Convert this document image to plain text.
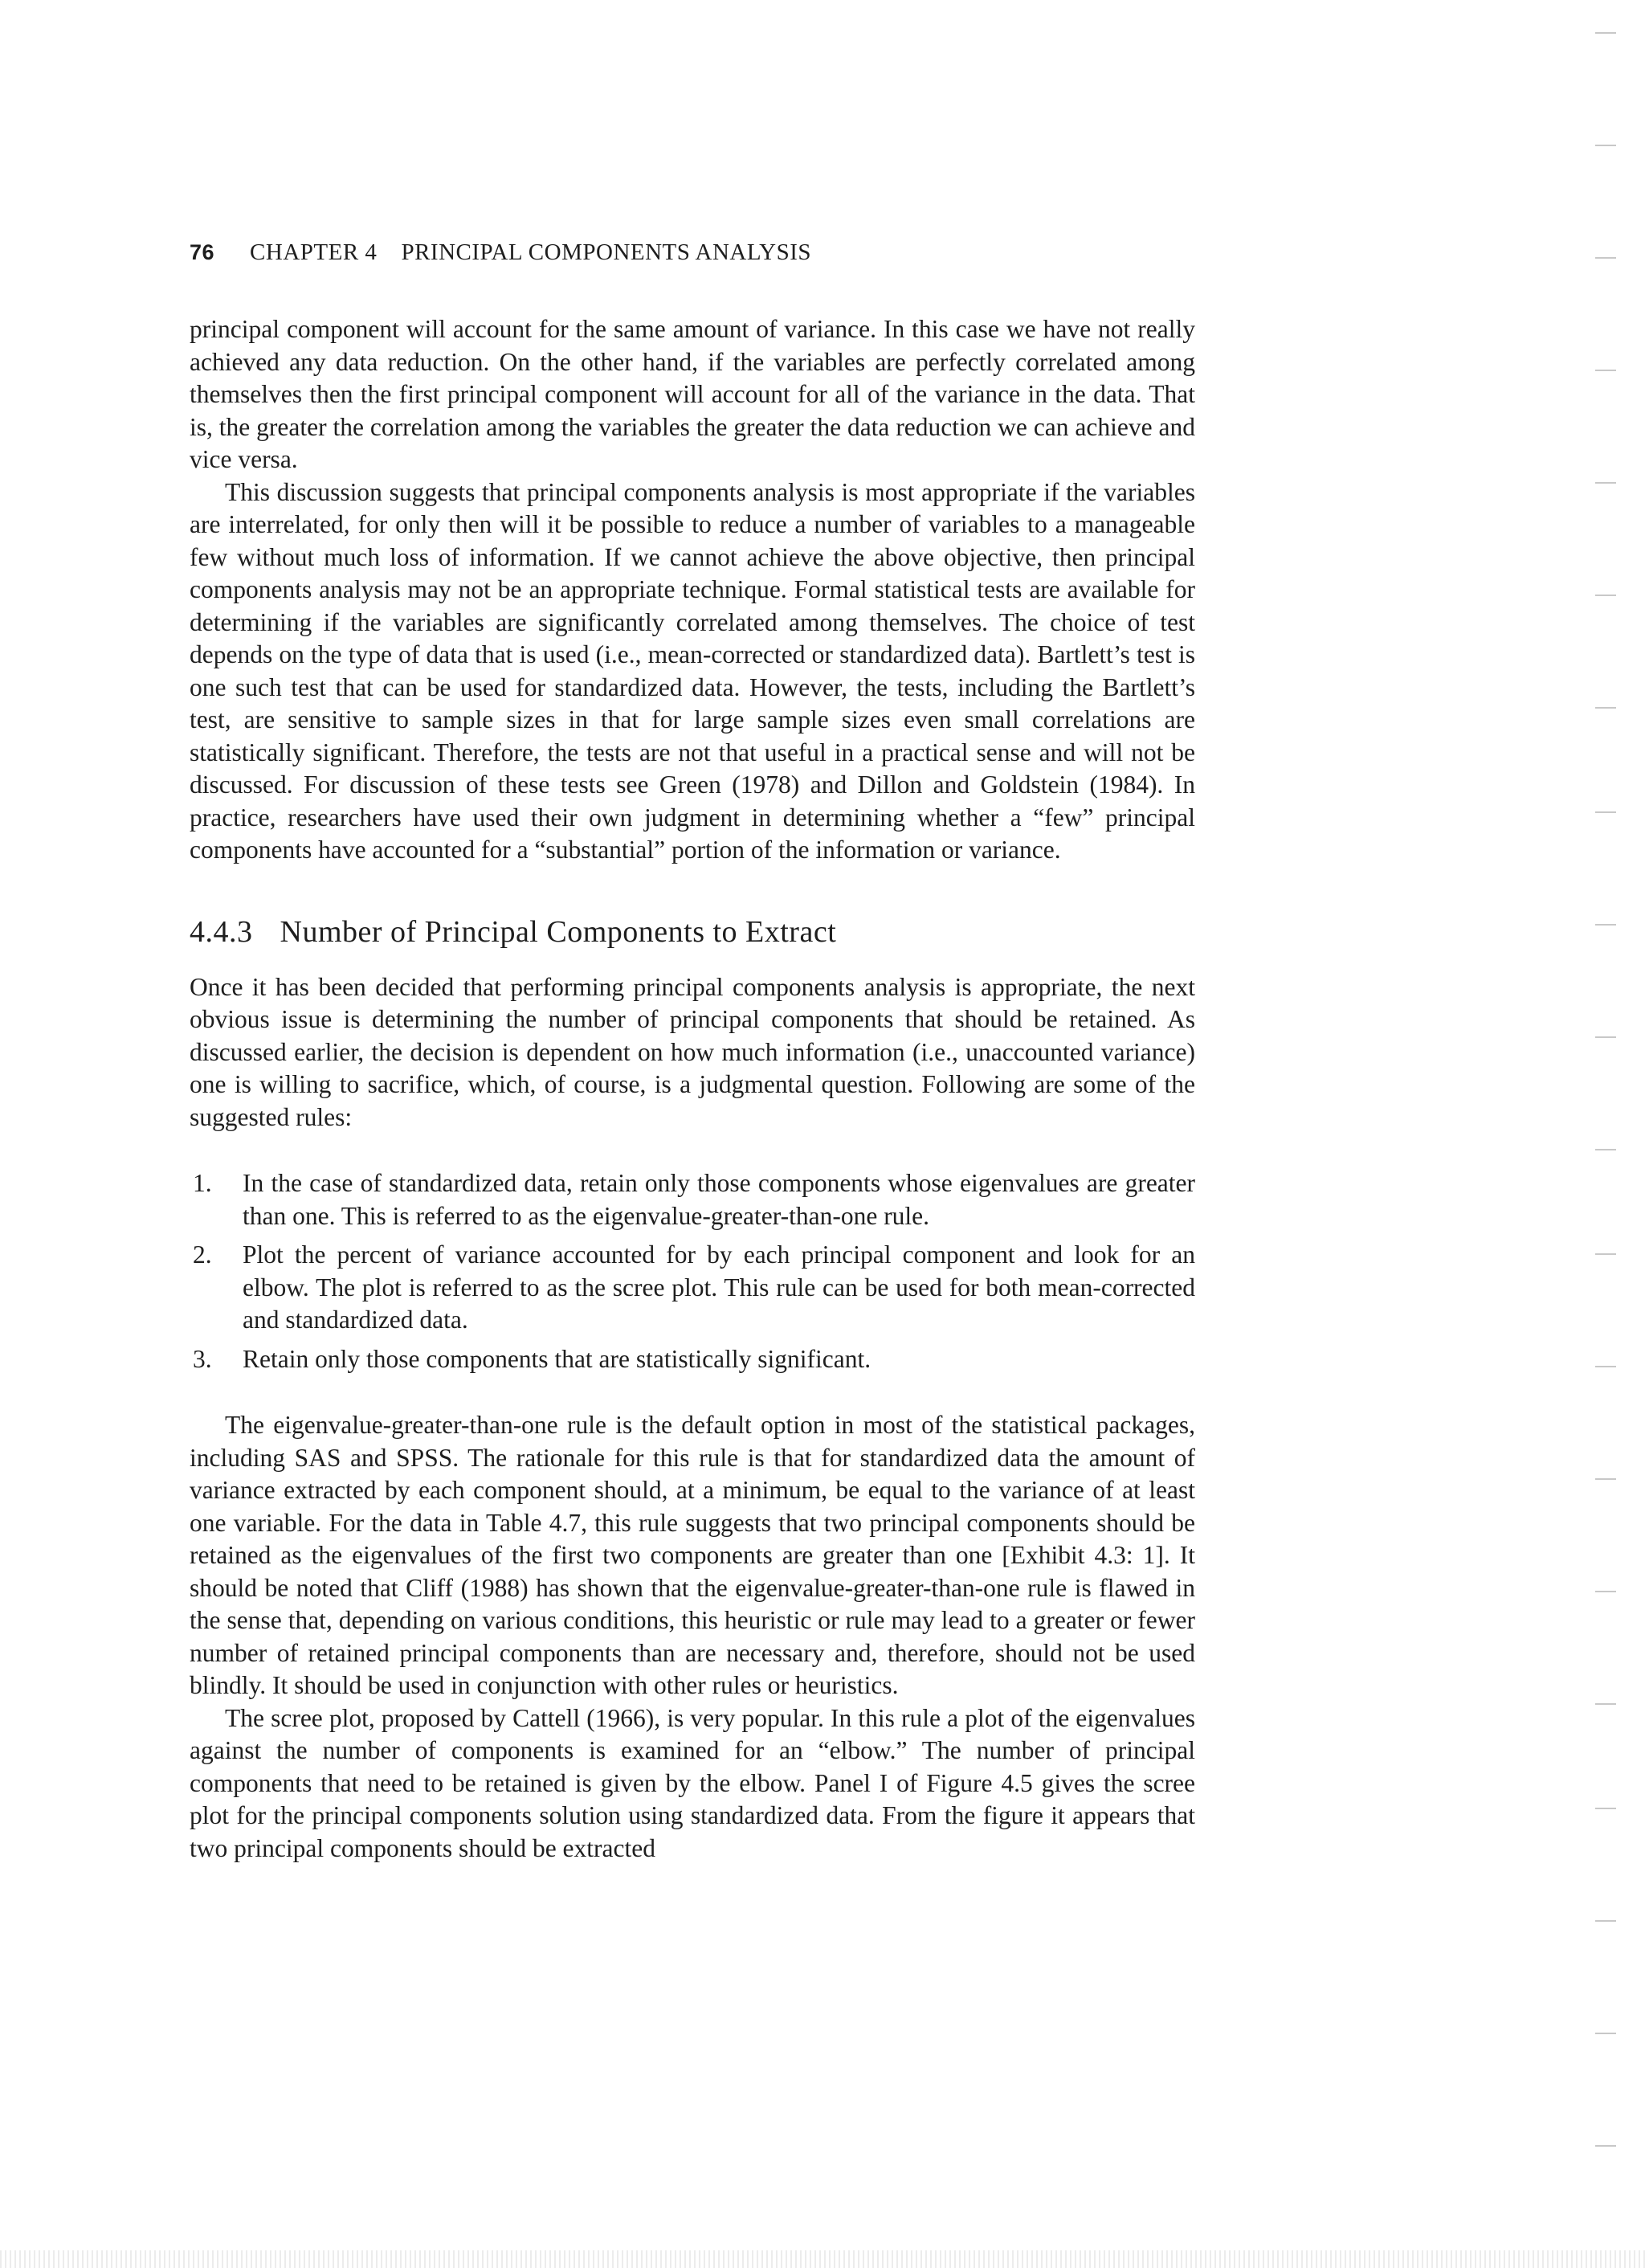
76 CHAPTER 4 PRINCIPAL COMPONENTS ANALYSIS

principal component will account for the same amount of variance. In this case we have not really achieved any data reduction. On the other hand, if the variables are perfectly correlated among themselves then the first principal component will account for all of the variance in the data. That is, the greater the correlation among the variables the greater the data reduction we can achieve and vice versa.

This discussion suggests that principal components analysis is most appropriate if the variables are interrelated, for only then will it be possible to reduce a number of variables to a manageable few without much loss of information. If we cannot achieve the above objective, then principal components analysis may not be an appropriate technique. Formal statistical tests are available for determining if the variables are significantly correlated among themselves. The choice of test depends on the type of data that is used (i.e., mean-corrected or standardized data). Bartlett’s test is one such test that can be used for standardized data. However, the tests, including the Bartlett’s test, are sensitive to sample sizes in that for large sample sizes even small correlations are statistically significant. Therefore, the tests are not that useful in a practical sense and will not be discussed. For discussion of these tests see Green (1978) and Dillon and Goldstein (1984). In practice, researchers have used their own judgment in determining whether a “few” principal components have accounted for a “substantial” portion of the information or variance.

4.4.3 Number of Principal Components to Extract

Once it has been decided that performing principal components analysis is appropriate, the next obvious issue is determining the number of principal components that should be retained. As discussed earlier, the decision is dependent on how much information (i.e., unaccounted variance) one is willing to sacrifice, which, of course, is a judgmental question. Following are some of the suggested rules:

1.	In the case of standardized data, retain only those components whose eigenvalues are greater than one. This is referred to as the eigenvalue-greater-than-one rule.
2.	Plot the percent of variance accounted for by each principal component and look for an elbow. The plot is referred to as the scree plot. This rule can be used for both mean-corrected and standardized data.
3.	Retain only those components that are statistically significant.

The eigenvalue-greater-than-one rule is the default option in most of the statistical packages, including SAS and SPSS. The rationale for this rule is that for standardized data the amount of variance extracted by each component should, at a minimum, be equal to the variance of at least one variable. For the data in Table 4.7, this rule suggests that two principal components should be retained as the eigenvalues of the first two components are greater than one [Exhibit 4.3: 1]. It should be noted that Cliff (1988) has shown that the eigenvalue-greater-than-one rule is flawed in the sense that, depending on various conditions, this heuristic or rule may lead to a greater or fewer number of retained principal components than are necessary and, therefore, should not be used blindly. It should be used in conjunction with other rules or heuristics.

The scree plot, proposed by Cattell (1966), is very popular. In this rule a plot of the eigenvalues against the number of components is examined for an “elbow.” The number of principal components that need to be retained is given by the elbow. Panel I of Figure 4.5 gives the scree plot for the principal components solution using standardized data. From the figure it appears that two principal components should be extracted
